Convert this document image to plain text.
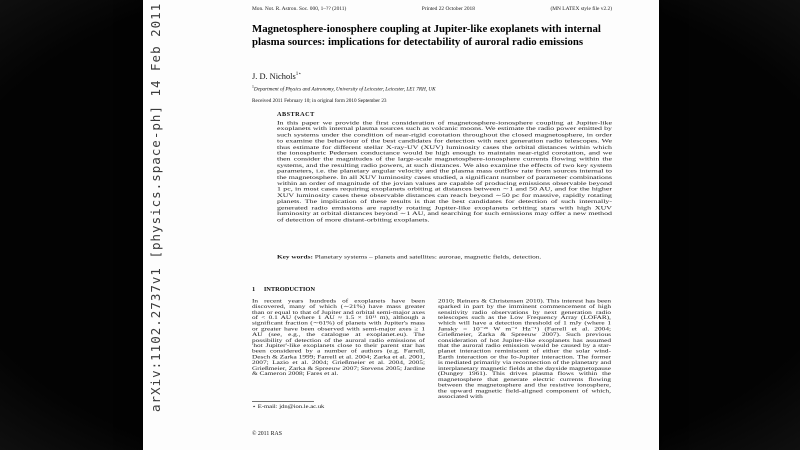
arXiv:1102.2737v1 [physics.space-ph] 14 Feb 2011	Mon. Not. R. Astron. Soc. 000, 1–?? (2011)	Printed 22 October 2018	(MN LATEX style file v2.2)
Magnetosphere-ionosphere coupling at Jupiter-like exoplanets with internal plasma sources: implications for detectability of auroral radio emissions
J. D. Nichols$^{1⋆}$
$^1$Department of Physics and Astronomy, University of Leicester, Leicester, LE1 7RH, UK
Received 2011 February 10; in original form 2010 September 23
ABSTRACT
In this paper we provide the first consideration of magnetosphere-ionosphere coupling at Jupiter-like exoplanets with internal plasma sources such as volcanic moons. We estimate the radio power emitted by such systems under the condition of near-rigid corotation throughout the closed magnetosphere, in order to examine the behaviour of the best candidates for detection with next generation radio telescopes. We thus estimate for different stellar X-ray-UV (XUV) luminosity cases the orbital distances within which the ionospheric Pedersen conductance would be high enough to maintain near-rigid corotation, and we then consider the magnitudes of the large-scale magnetosphere-ionosphere currents flowing within the systems, and the resulting radio powers, at such distances. We also examine the effects of two key system parameters, i.e. the planetary angular velocity and the plasma mass outflow rate from sources internal to the magnetosphere. In all XUV luminosity cases studied, a significant number of parameter combinations within an order of magnitude of the jovian values are capable of producing emissions observable beyond 1 pc, in most cases requiring exoplanets orbiting at distances between ∼1 and 50 AU, and for the higher XUV luminosity cases these observable distances can reach beyond ∼50 pc for massive, rapidly rotating planets. The implication of these results is that the best candidates for detection of such internally-generated radio emissions are rapidly rotating Jupiter-like exoplanets orbiting stars with high XUV luminosity at orbital distances beyond ∼1 AU, and searching for such emissions may offer a new method of detection of more distant-orbiting exoplanets.
Key words: Planetary systems – planets and satellites: aurorae, magnetic fields, detection.
1 INTRODUCTION
In recent years hundreds of exoplanets have been discovered, many of which (∼21%) have mass greater than or equal to that of Jupiter and orbital semi-major axes of < 0.1 AU (where 1 AU ≈ 1.5 × 10¹¹ m), although a significant fraction (∼61%) of planets with Jupiter's mass or greater have been observed with semi-major axes ≥ 1 AU (see, e.g., the catalogue at exoplanet.eu). The possibility of detection of the auroral radio emissions of 'hot Jupiter'-like exoplanets close to their parent star has been considered by a number of authors (e.g. Farrell, Desch & Zarka 1999; Farrell et al. 2004; Zarka et al. 2001, 2007; Lazio et al. 2004; Grießmeier et al. 2004, 2005; Grießmeier, Zarka & Spreeuw 2007; Stevens 2005; Jardine & Cameron 2008; Fares et al.
2010; Reiners & Christensen 2010). This interest has been sparked in part by the imminent commencement of high sensitivity radio observations by next generation radio telescopes such as the Low Frequency Array (LOFAR), which will have a detection threshold of 1 mJy (where 1 Jansky = 10⁻²⁶ W m⁻² Hz⁻¹) (Farrell et al. 2004; Grießmeier, Zarka & Spreeuw 2007). Such previous consideration of hot Jupiter-like exoplanets has assumed that the auroral radio emission would be caused by a star-planet interaction reminiscent of either the solar wind-Earth interaction or the Io-Jupiter interaction. The former is mediated primarily via reconnection of the planetary and interplanetary magnetic fields at the dayside magnetopause (Dungey 1961). This drives plasma flows within the magnetosphere that generate electric currents flowing between the magnetosphere and the resistive ionosphere, the upward magnetic field-aligned component of which, associated with
⋆ E-mail: jdn@ion.le.ac.uk
© 2011 RAS
